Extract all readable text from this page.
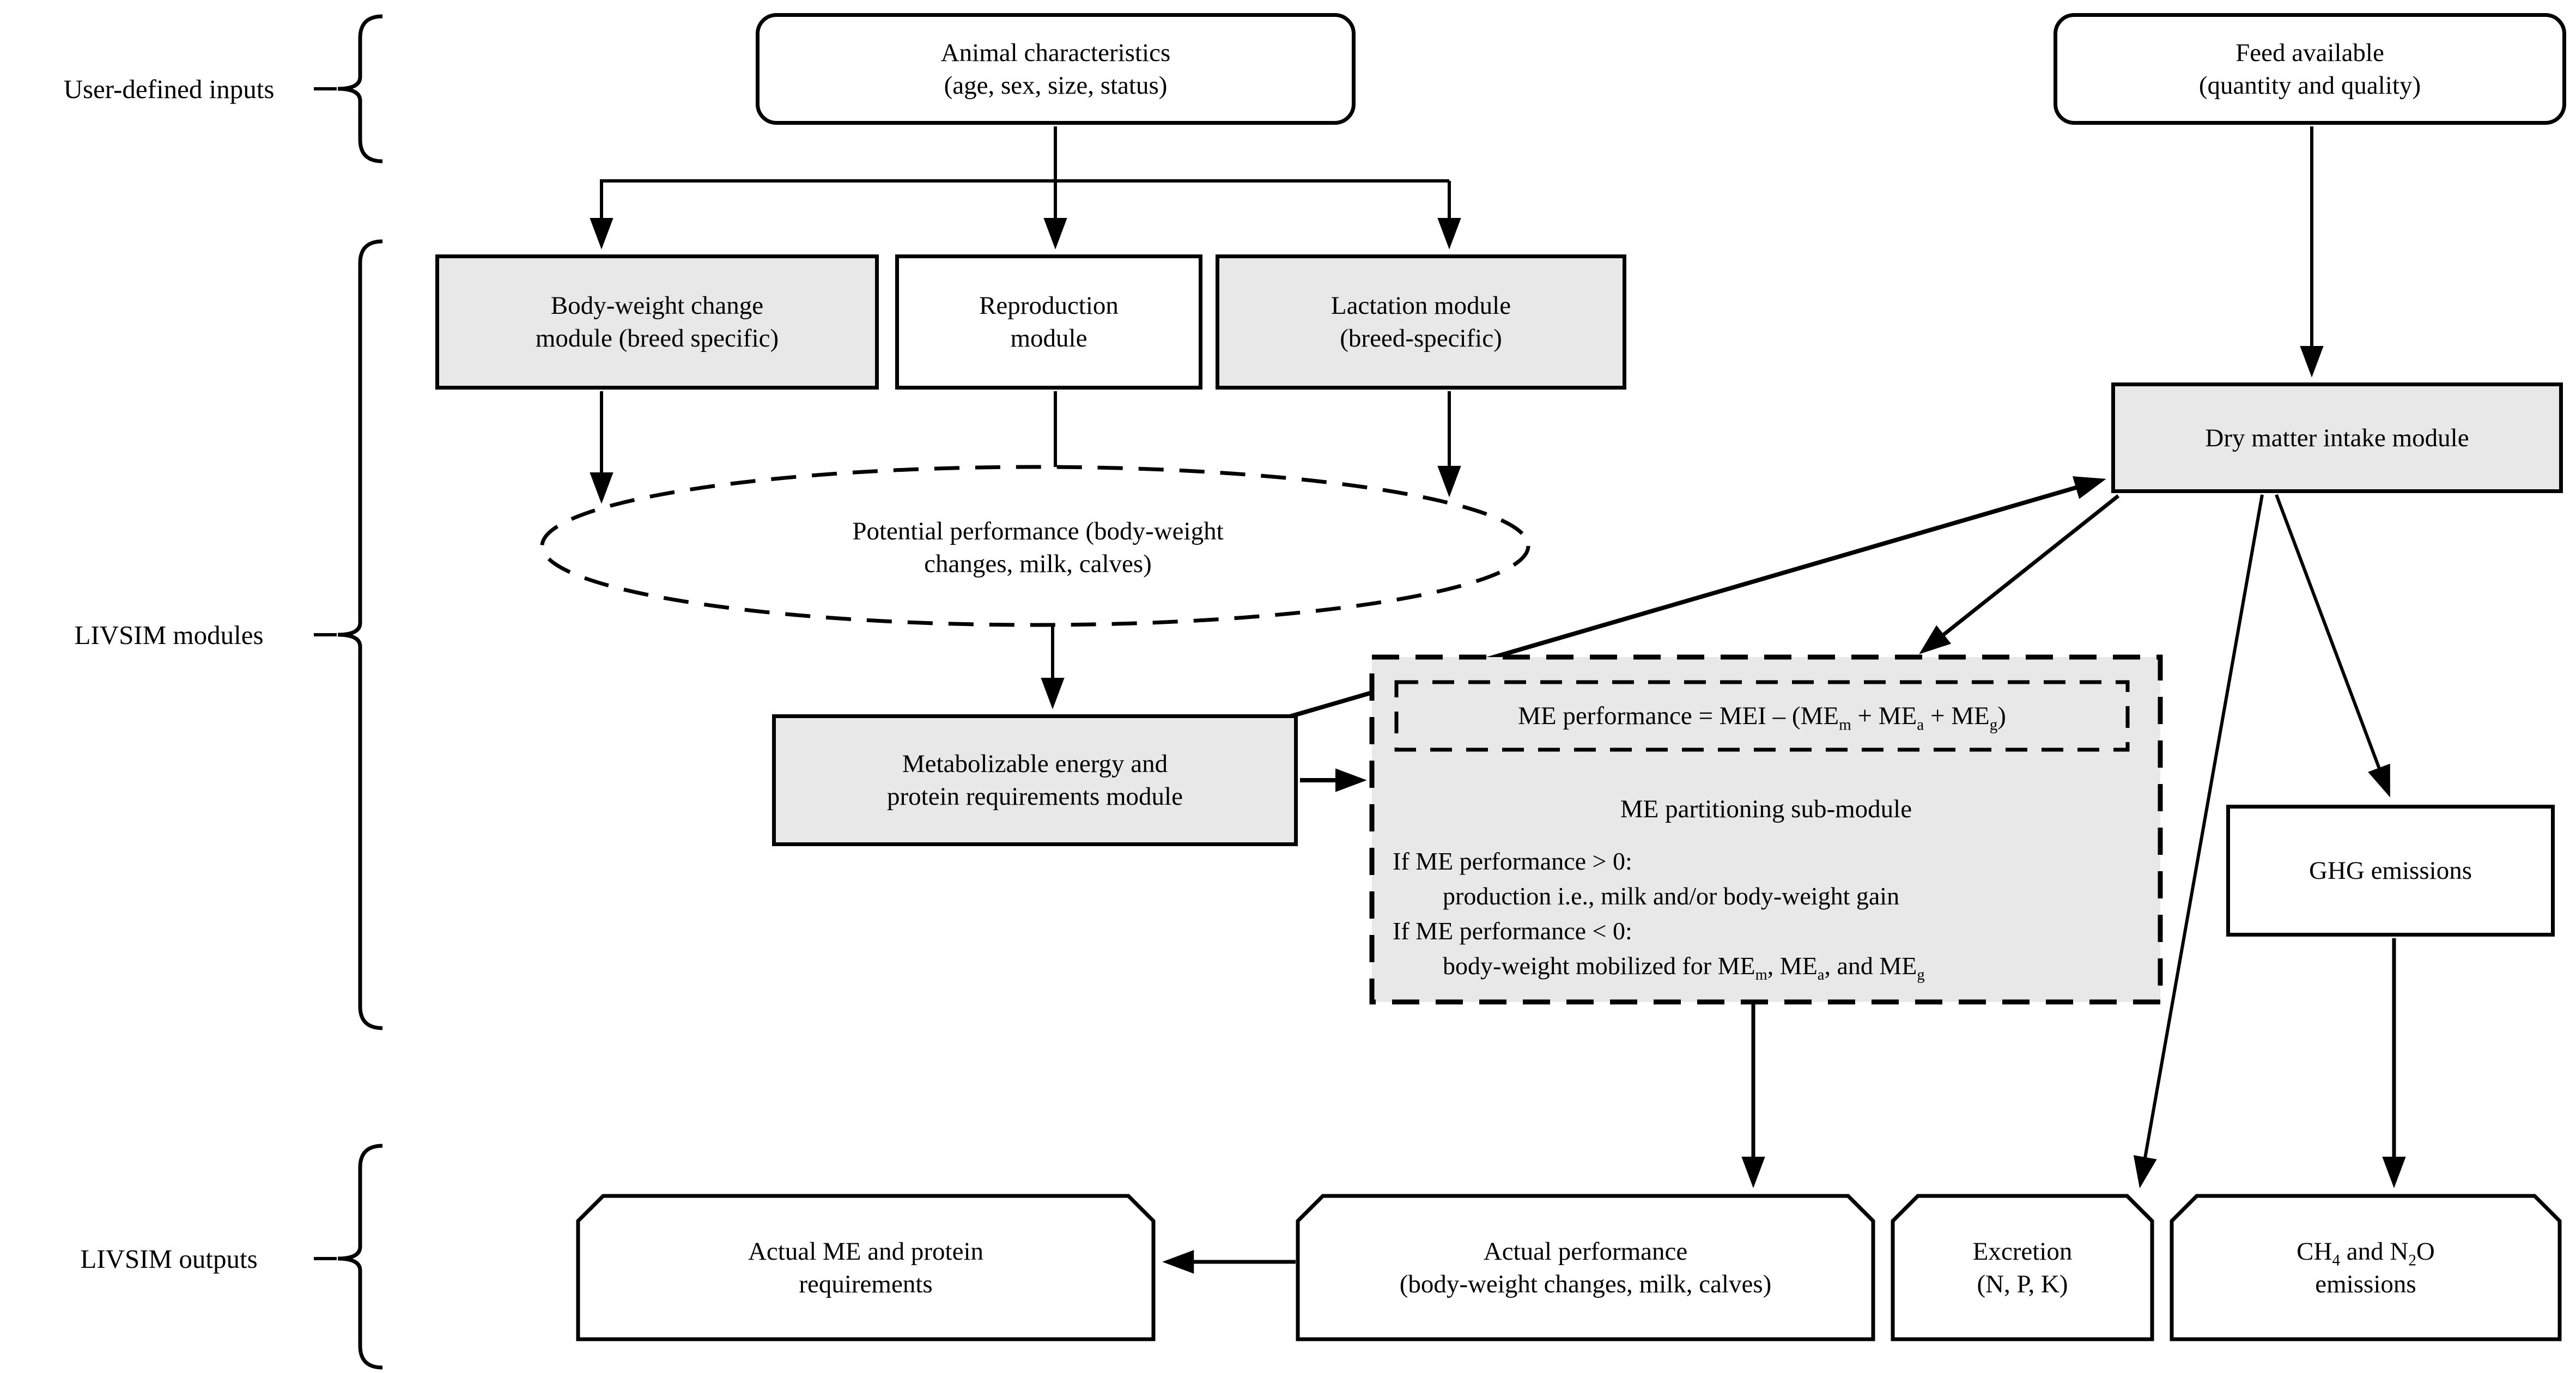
User-defined inputs
LIVSIM modules
LIVSIM outputs
Animal characteristics
(age, sex, size, status)
Feed available
(quantity and quality)
Body-weight change
module (breed specific)
Reproduction
module
Lactation module
(breed-specific)
Potential performance (body-weight
changes, milk, calves)
Metabolizable energy and
protein requirements module
Dry matter intake module
GHG emissions
ME performance = MEI – $(ME_m + ME_a + ME_g)$
ME partitioning sub-module
If ME performance > 0:
production i.e., milk and/or body-weight gain
If ME performance < 0:
body-weight mobilized for $ME_m$, $ME_a$, and $ME_g$
Actual ME and protein
requirements
Actual performance
(body-weight changes, milk, calves)
Excretion
(N, P, K)
$CH_4$ and $N_2O$
emissions
